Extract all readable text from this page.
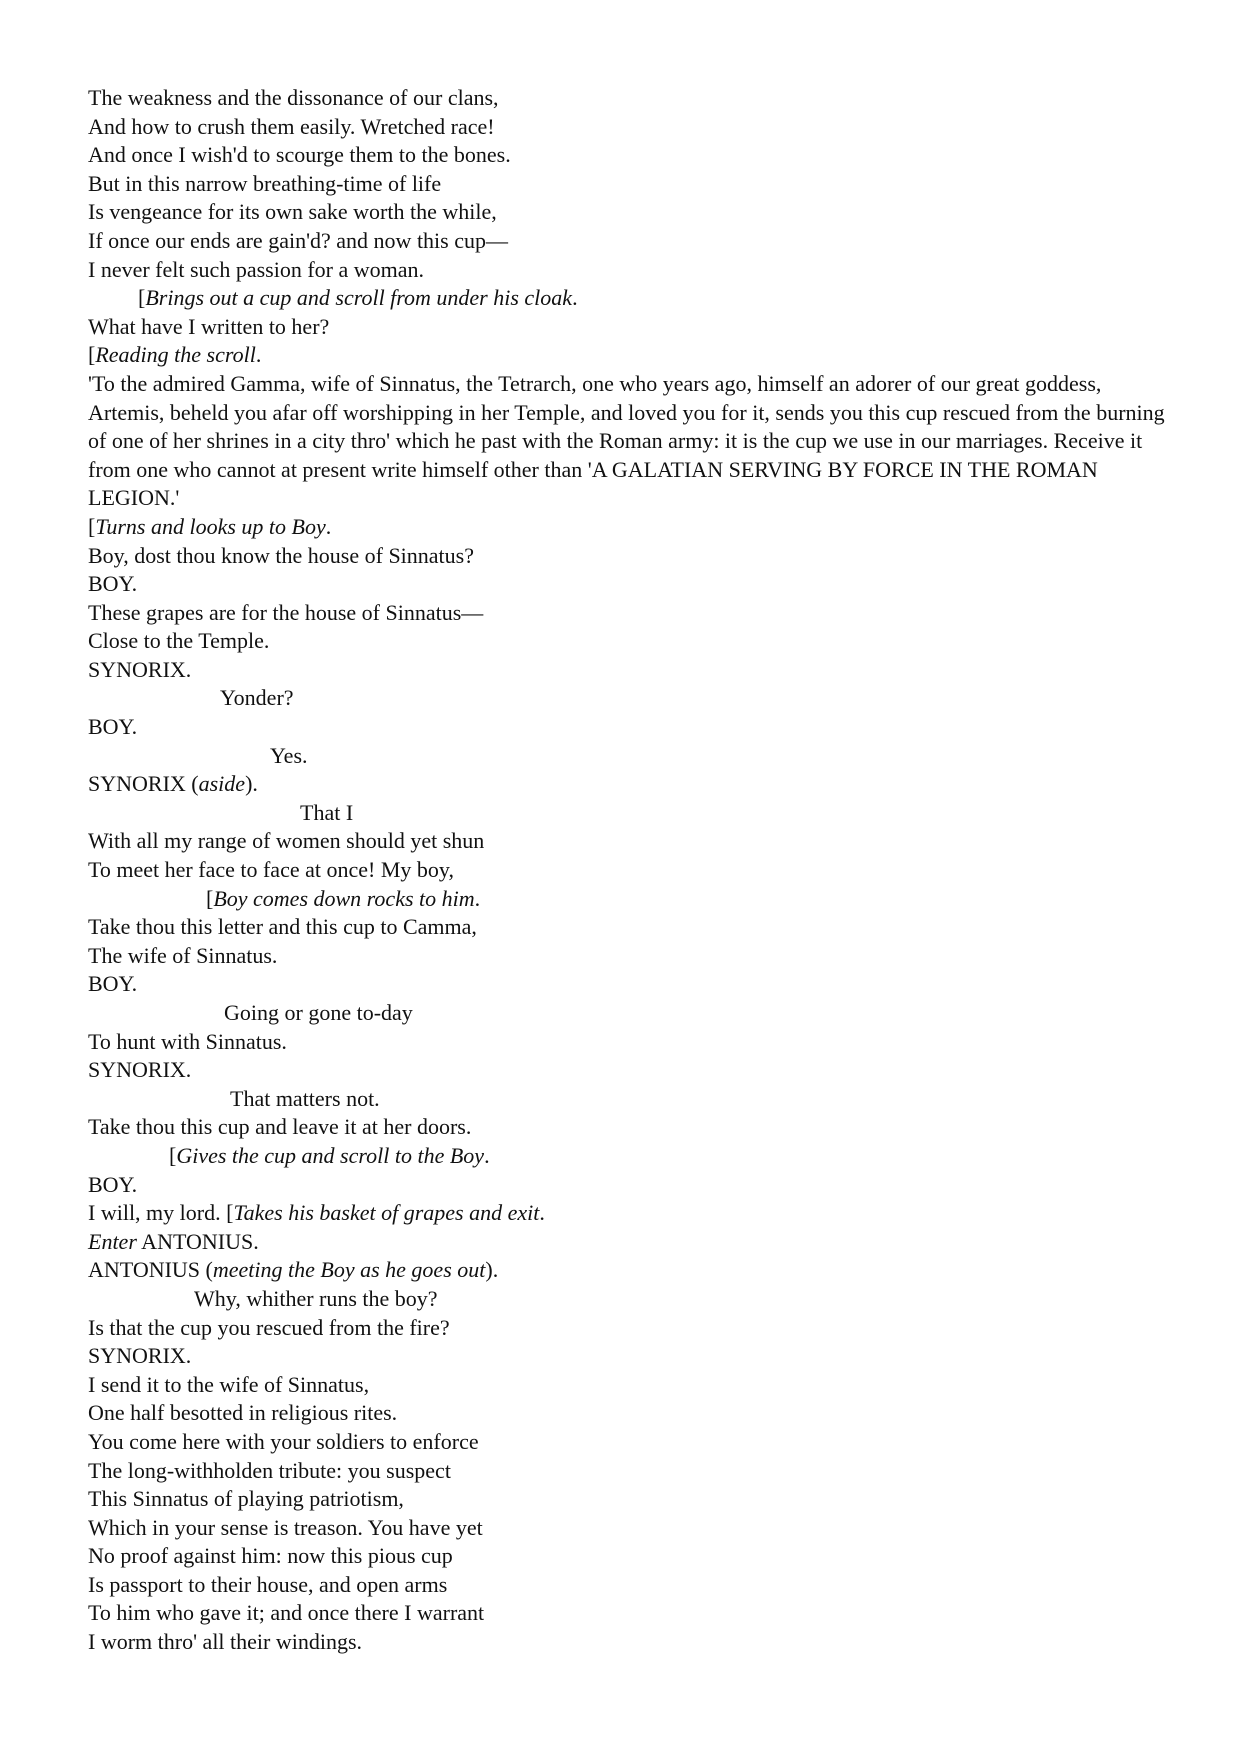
The weakness and the dissonance of our clans,
And how to crush them easily. Wretched race!
And once I wish'd to scourge them to the bones.
But in this narrow breathing-time of life
Is vengeance for its own sake worth the while,
If once our ends are gain'd? and now this cup—
I never felt such passion for a woman.
[Brings out a cup and scroll from under his cloak.
What have I written to her?
[Reading the scroll.
'To the admired Gamma, wife of Sinnatus, the Tetrarch, one who years ago, himself an adorer of our great goddess, Artemis, beheld you afar off worshipping in her Temple, and loved you for it, sends you this cup rescued from the burning of one of her shrines in a city thro' which he past with the Roman army: it is the cup we use in our marriages. Receive it from one who cannot at present write himself other than 'A GALATIAN SERVING BY FORCE IN THE ROMAN LEGION.'
[Turns and looks up to Boy.
Boy, dost thou know the house of Sinnatus?
BOY.
These grapes are for the house of Sinnatus—
Close to the Temple.
SYNORIX.
Yonder?
BOY.
Yes.
SYNORIX (aside).
That I
With all my range of women should yet shun
To meet her face to face at once! My boy,
[Boy comes down rocks to him.
Take thou this letter and this cup to Camma,
The wife of Sinnatus.
BOY.
Going or gone to-day
To hunt with Sinnatus.
SYNORIX.
That matters not.
Take thou this cup and leave it at her doors.
[Gives the cup and scroll to the Boy.
BOY.
I will, my lord. [Takes his basket of grapes and exit.
Enter ANTONIUS.
ANTONIUS (meeting the Boy as he goes out).
Why, whither runs the boy?
Is that the cup you rescued from the fire?
SYNORIX.
I send it to the wife of Sinnatus,
One half besotted in religious rites.
You come here with your soldiers to enforce
The long-withholden tribute: you suspect
This Sinnatus of playing patriotism,
Which in your sense is treason. You have yet
No proof against him: now this pious cup
Is passport to their house, and open arms
To him who gave it; and once there I warrant
I worm thro' all their windings.
